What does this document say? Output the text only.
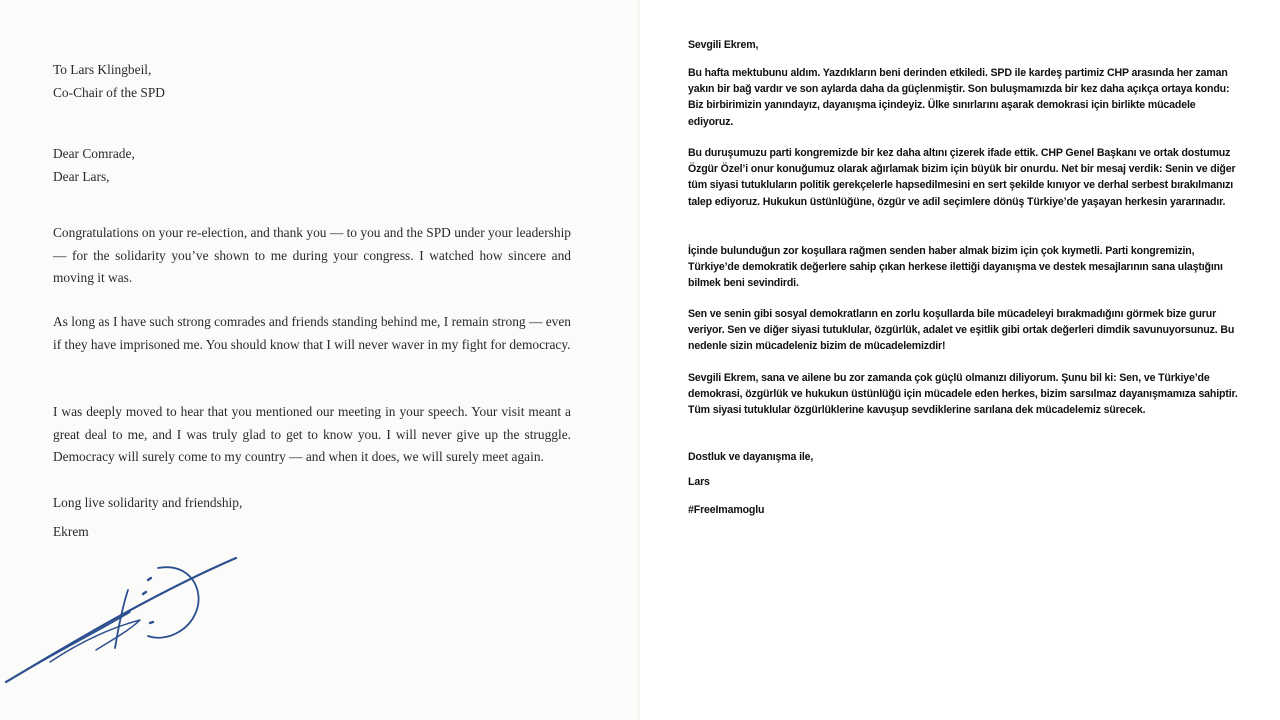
To Lars Klingbeil,

Co-Chair of the SPD

Dear Comrade,

Dear Lars,

Congratulations on your re-election, and thank you — to you and the SPD under your leadership — for the solidarity you’ve shown to me during your congress. I watched how sincere and moving it was.

As long as I have such strong comrades and friends standing behind me, I remain strong — even if they have imprisoned me. You should know that I will never waver in my fight for democracy.

I was deeply moved to hear that you mentioned our meeting in your speech. Your visit meant a great deal to me, and I was truly glad to get to know you. I will never give up the struggle. Democracy will surely come to my country — and when it does, we will surely meet again.

Long live solidarity and friendship,

Ekrem

Sevgili Ekrem,
Bu hafta mektubunu aldım. Yazdıkların beni derinden etkiledi. SPD ile kardeş partimiz CHP arasında her zaman yakın bir bağ vardır ve son aylarda daha da güçlenmiştir. Son buluşmamızda bir kez daha açıkça ortaya kondu: Biz birbirimizin yanındayız, dayanışma içindeyiz. Ülke sınırlarını aşarak demokrasi için birlikte mücadele ediyoruz.
Bu duruşumuzu parti kongremizde bir kez daha altını çizerek ifade ettik. CHP Genel Başkanı ve ortak dostumuz Özgür Özel’i onur konuğumuz olarak ağırlamak bizim için büyük bir onurdu. Net bir mesaj verdik: Senin ve diğer tüm siyasi tutukluların politik gerekçelerle hapsedilmesini en sert şekilde kınıyor ve derhal serbest bırakılmanızı talep ediyoruz. Hukukun üstünlüğüne, özgür ve adil seçimlere dönüş Türkiye’de yaşayan herkesin yararınadır.
İçinde bulunduğun zor koşullara rağmen senden haber almak bizim için çok kıymetli. Parti kongremizin, Türkiye’de demokratik değerlere sahip çıkan herkese ilettiği dayanışma ve destek mesajlarının sana ulaştığını bilmek beni sevindirdi.
Sen ve senin gibi sosyal demokratların en zorlu koşullarda bile mücadeleyi bırakmadığını görmek bize gurur veriyor. Sen ve diğer siyasi tutuklular, özgürlük, adalet ve eşitlik gibi ortak değerleri dimdik savunuyorsunuz. Bu nedenle sizin mücadeleniz bizim de mücadelemizdir!
Sevgili Ekrem, sana ve ailene bu zor zamanda çok güçlü olmanızı diliyorum. Şunu bil ki: Sen, ve Türkiye’de demokrasi, özgürlük ve hukukun üstünlüğü için mücadele eden herkes, bizim sarsılmaz dayanışmamıza sahiptir. Tüm siyasi tutuklular özgürlüklerine kavuşup sevdiklerine sarılana dek mücadelemiz sürecek.
Dostluk ve dayanışma ile,
Lars
#FreeImamoglu
